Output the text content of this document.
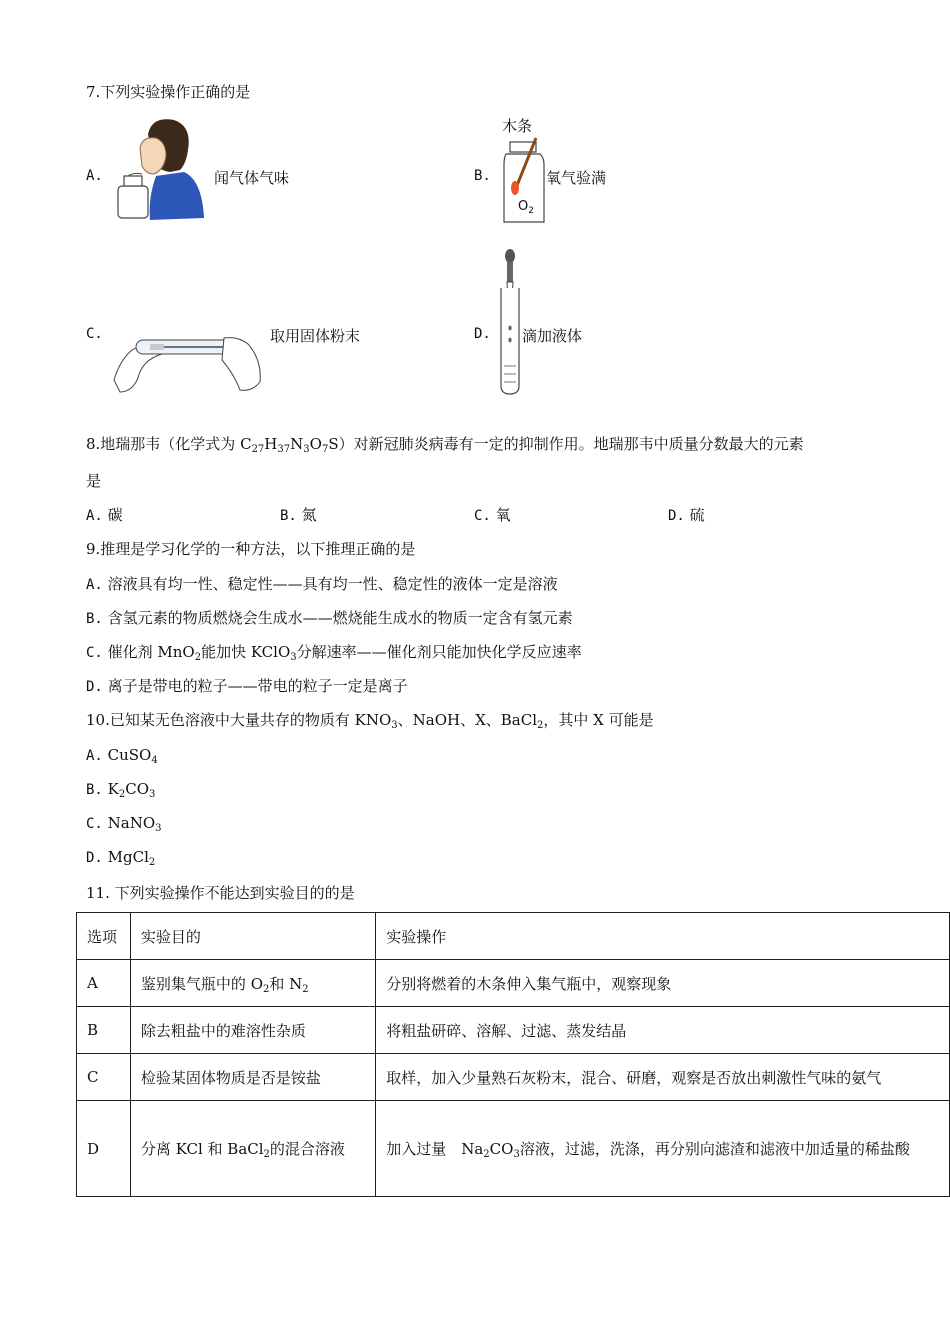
7.下列实验操作正确的是
A.	闻气体气味	B.
木条
$O_2$
氧气验满
C.	取用固体粉末	D. 滴加液体
8.地瑞那韦（化学式为 $C_{27}H_{37}N_3O_7S$）对新冠肺炎病毒有一定的抑制作用。地瑞那韦中质量分数最大的元素
是
A. 碳	B. 氮	C. 氧	D. 硫
9.推理是学习化学的一种方法，以下推理正确的是
A. 溶液具有均一性、稳定性——具有均一性、稳定性的液体一定是溶液
B. 含氢元素的物质燃烧会生成水——燃烧能生成水的物质一定含有氢元素
C. 催化剂 MnO$_2$能加快 KClO$_3$分解速率——催化剂只能加快化学反应速率
D. 离子是带电的粒子——带电的粒子一定是离子
10.已知某无色溶液中大量共存的物质有 $KNO_3$、NaOH、X、BaCl$_2$，其中 X 可能是
A. CuSO$_4$
B. $K_2CO_3$
C. NaNO$_3$
D. MgCl$_2$
11. 下列实验操作不能达到实验目的的是
选项	实验目的	实验操作
A	鉴别集气瓶中的 $O_2$和 $N_2$	分别将燃着的木条伸入集气瓶中，观察现象
B	除去粗盐中的难溶性杂质	将粗盐研碎、溶解、过滤、蒸发结晶
C	检验某固体物质是否是铵盐	取样，加入少量熟石灰粉末，混合、研磨，观察是否放出刺激性气味的氨气
D	分离 KCl 和 BaCl$_2$的混合溶液	加入过量　$Na_2CO_3$溶液，过滤，洗涤，再分别向滤渣和滤液中加适量的稀盐酸
